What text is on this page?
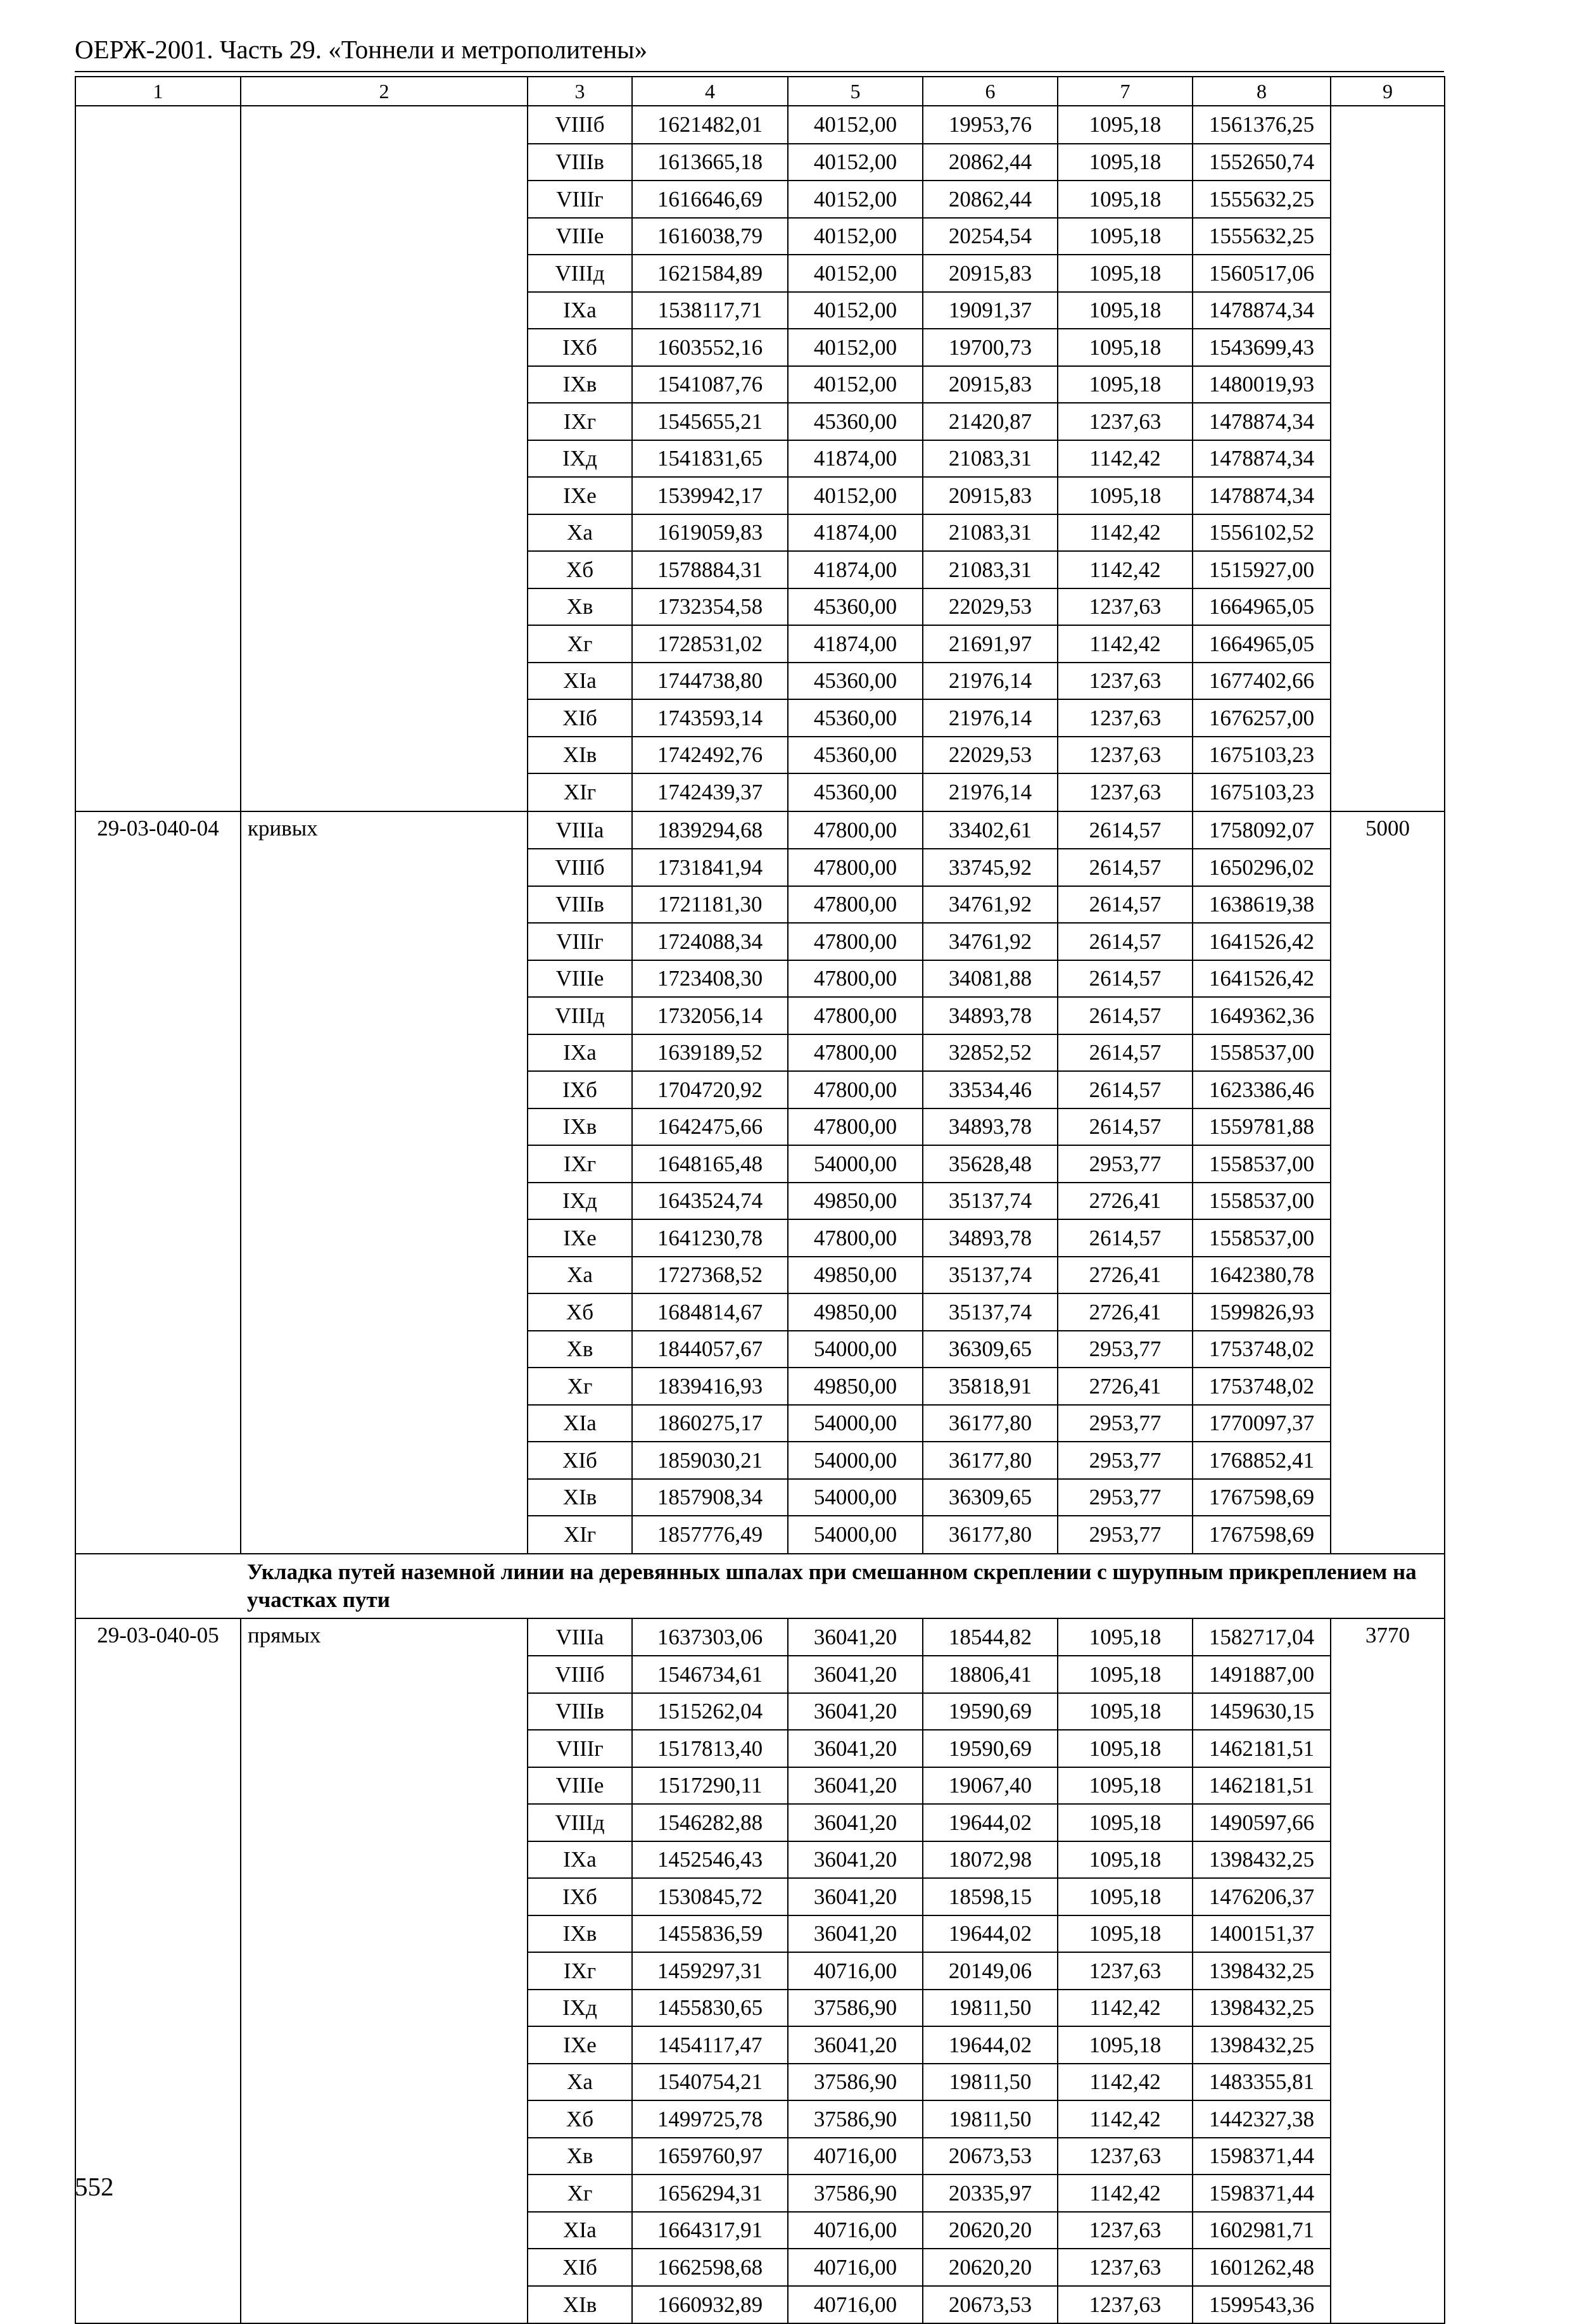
ОЕРЖ-2001. Часть 29. «Тоннели и метрополитены»
1	2	3	4	5	6	7	8	9
		VIIIб	1621482,01	40152,00	19953,76	1095,18	1561376,25	
		VIIIв	1613665,18	40152,00	20862,44	1095,18	1552650,74	
		VIIIг	1616646,69	40152,00	20862,44	1095,18	1555632,25	
		VIIIе	1616038,79	40152,00	20254,54	1095,18	1555632,25	
		VIIIд	1621584,89	40152,00	20915,83	1095,18	1560517,06	
		IXа	1538117,71	40152,00	19091,37	1095,18	1478874,34	
		IXб	1603552,16	40152,00	19700,73	1095,18	1543699,43	
		IXв	1541087,76	40152,00	20915,83	1095,18	1480019,93	
		IXг	1545655,21	45360,00	21420,87	1237,63	1478874,34	
		IXд	1541831,65	41874,00	21083,31	1142,42	1478874,34	
		IXе	1539942,17	40152,00	20915,83	1095,18	1478874,34	
		Xа	1619059,83	41874,00	21083,31	1142,42	1556102,52	
		Xб	1578884,31	41874,00	21083,31	1142,42	1515927,00	
		Xв	1732354,58	45360,00	22029,53	1237,63	1664965,05	
		Xг	1728531,02	41874,00	21691,97	1142,42	1664965,05	
		XIа	1744738,80	45360,00	21976,14	1237,63	1677402,66	
		XIб	1743593,14	45360,00	21976,14	1237,63	1676257,00	
		XIв	1742492,76	45360,00	22029,53	1237,63	1675103,23	
		XIг	1742439,37	45360,00	21976,14	1237,63	1675103,23	
29-03-040-04	кривых	VIIIа	1839294,68	47800,00	33402,61	2614,57	1758092,07	5000
		VIIIб	1731841,94	47800,00	33745,92	2614,57	1650296,02	
		VIIIв	1721181,30	47800,00	34761,92	2614,57	1638619,38	
		VIIIг	1724088,34	47800,00	34761,92	2614,57	1641526,42	
		VIIIе	1723408,30	47800,00	34081,88	2614,57	1641526,42	
		VIIIд	1732056,14	47800,00	34893,78	2614,57	1649362,36	
		IXа	1639189,52	47800,00	32852,52	2614,57	1558537,00	
		IXб	1704720,92	47800,00	33534,46	2614,57	1623386,46	
		IXв	1642475,66	47800,00	34893,78	2614,57	1559781,88	
		IXг	1648165,48	54000,00	35628,48	2953,77	1558537,00	
		IXд	1643524,74	49850,00	35137,74	2726,41	1558537,00	
		IXе	1641230,78	47800,00	34893,78	2614,57	1558537,00	
		Xа	1727368,52	49850,00	35137,74	2726,41	1642380,78	
		Xб	1684814,67	49850,00	35137,74	2726,41	1599826,93	
		Xв	1844057,67	54000,00	36309,65	2953,77	1753748,02	
		Xг	1839416,93	49850,00	35818,91	2726,41	1753748,02	
		XIа	1860275,17	54000,00	36177,80	2953,77	1770097,37	
		XIб	1859030,21	54000,00	36177,80	2953,77	1768852,41	
		XIв	1857908,34	54000,00	36309,65	2953,77	1767598,69	
		XIг	1857776,49	54000,00	36177,80	2953,77	1767598,69	
	Укладка путей наземной линии на деревянных шпалах при смешанном скреплении с шурупным прикреплением на участках пути							
29-03-040-05	прямых	VIIIа	1637303,06	36041,20	18544,82	1095,18	1582717,04	3770
		VIIIб	1546734,61	36041,20	18806,41	1095,18	1491887,00	
		VIIIв	1515262,04	36041,20	19590,69	1095,18	1459630,15	
		VIIIг	1517813,40	36041,20	19590,69	1095,18	1462181,51	
		VIIIе	1517290,11	36041,20	19067,40	1095,18	1462181,51	
		VIIIд	1546282,88	36041,20	19644,02	1095,18	1490597,66	
		IXа	1452546,43	36041,20	18072,98	1095,18	1398432,25	
		IXб	1530845,72	36041,20	18598,15	1095,18	1476206,37	
		IXв	1455836,59	36041,20	19644,02	1095,18	1400151,37	
		IXг	1459297,31	40716,00	20149,06	1237,63	1398432,25	
		IXд	1455830,65	37586,90	19811,50	1142,42	1398432,25	
		IXе	1454117,47	36041,20	19644,02	1095,18	1398432,25	
		Xа	1540754,21	37586,90	19811,50	1142,42	1483355,81	
		Xб	1499725,78	37586,90	19811,50	1142,42	1442327,38	
		Xв	1659760,97	40716,00	20673,53	1237,63	1598371,44	
		Xг	1656294,31	37586,90	20335,97	1142,42	1598371,44	
		XIа	1664317,91	40716,00	20620,20	1237,63	1602981,71	
		XIб	1662598,68	40716,00	20620,20	1237,63	1601262,48	
		XIв	1660932,89	40716,00	20673,53	1237,63	1599543,36	
552
